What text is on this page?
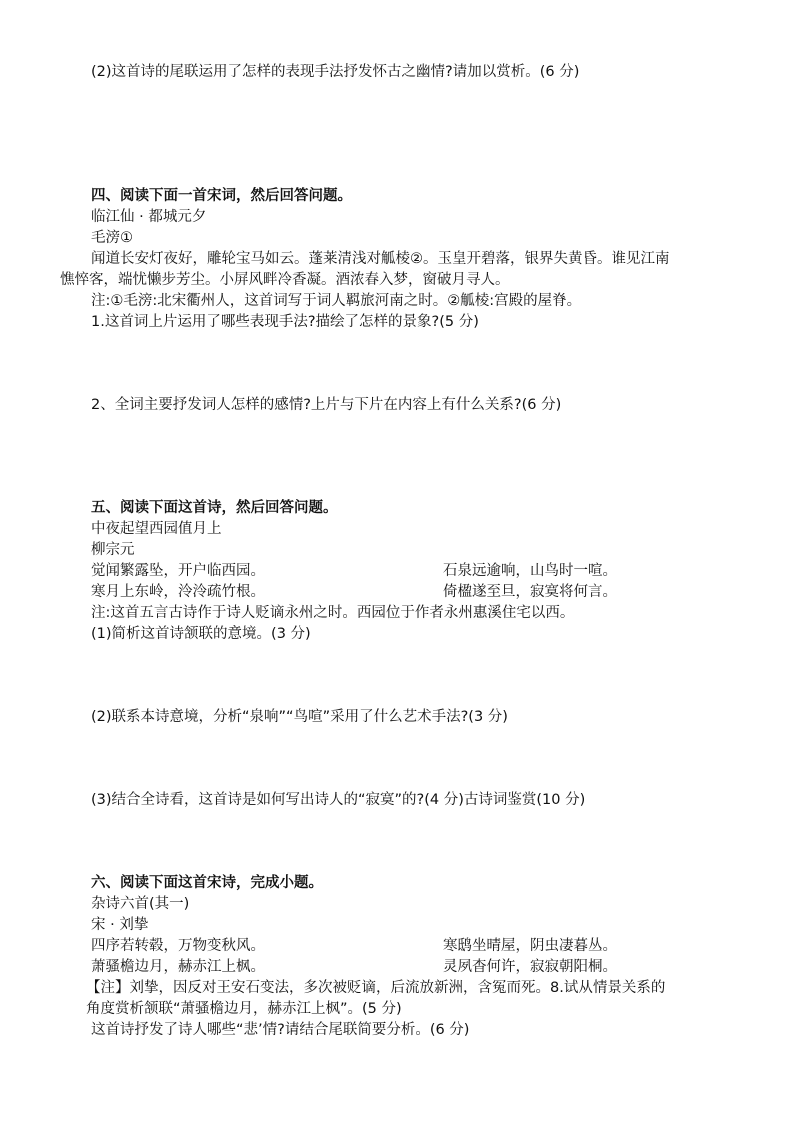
(2)这首诗的尾联运用了怎样的表现手法抒发怀古之幽情?请加以赏析。(6 分)
四、阅读下面一首宋词，然后回答问题。
临江仙 · 都城元夕
毛滂①
闻道长安灯夜好，雕轮宝马如云。蓬莱清浅对觚棱②。玉皇开碧落，银界失黄昏。谁见江南
憔悴客，端忧懒步芳尘。小屏风畔冷香凝。酒浓春入梦，窗破月寻人。
注:①毛滂:北宋衢州人，这首词写于词人羁旅河南之时。②觚棱:宫殿的屋脊。
1.这首词上片运用了哪些表现手法?描绘了怎样的景象?(5 分)
2、全词主要抒发词人怎样的感情?上片与下片在内容上有什么关系?(6 分)
五、阅读下面这首诗，然后回答问题。
中夜起望西园值月上
柳宗元
觉闻繁露坠，开户临西园。	石泉远逾响，山鸟时一喧。
寒月上东岭，泠泠疏竹根。	倚楹遂至旦，寂寞将何言。
注:这首五言古诗作于诗人贬谪永州之时。西园位于作者永州惠溪住宅以西。
(1)简析这首诗颔联的意境。(3 分)
(2)联系本诗意境，分析“泉响”“鸟喧”采用了什么艺术手法?(3 分)
(3)结合全诗看，这首诗是如何写出诗人的“寂寞”的?(4 分)古诗词鉴赏(10 分)
六、阅读下面这首宋诗，完成小题。
杂诗六首(其一)
宋 · 刘挚
四序若转毂，万物变秋风。	寒鸱坐晴屋，阴虫凄暮丛。
萧骚檐边月，赫赤江上枫。	灵夙杳何许，寂寂朝阳桐。
【注】刘挚，因反对王安石变法，多次被贬谪，后流放新洲，含冤而死。8.试从情景关系的
角度赏析颔联“萧骚檐边月，赫赤江上枫”。(5 分)
这首诗抒发了诗人哪些“悲’情?请结合尾联简要分析。(6 分)
